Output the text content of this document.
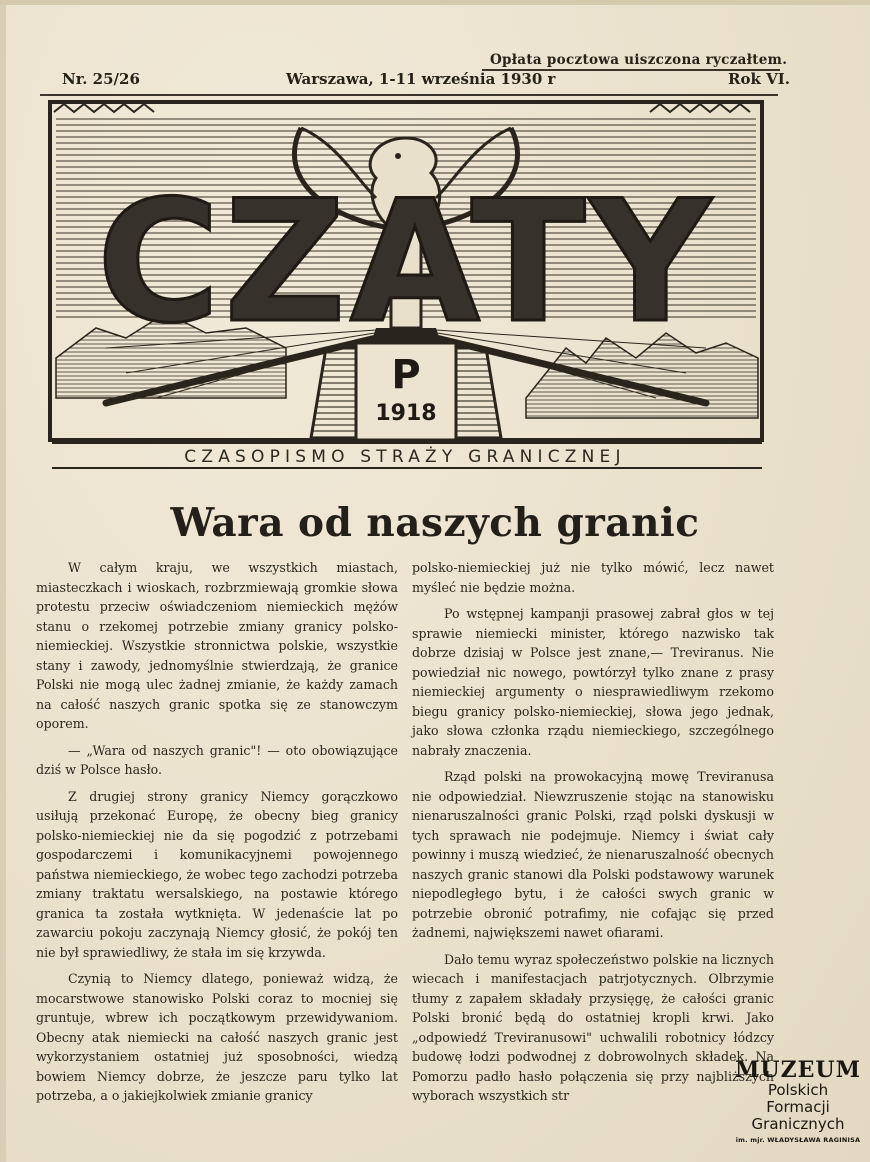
Opłata pocztowa uiszczona ryczałtem.
Nr. 25/26	Warszawa, 1-11 września 1930 r	Rok VI.
CZATY
P
1918
CZASOPISMO STRAŻY GRANICZNEJ
Wara od naszych granic

W całym kraju, we wszystkich miastach, miasteczkach i wioskach, rozbrzmiewają gromkie słowa protestu przeciw oświadczeniom niemieckich mężów stanu o rzekomej potrzebie zmiany granicy polsko-niemieckiej. Wszystkie stronnictwa polskie, wszystkie stany i zawody, jednomyślnie stwierdzają, że granice Polski nie mogą ulec żadnej zmianie, że każdy zamach na całość naszych granic spotka się ze stanowczym oporem.

— „Wara od naszych granic"! — oto obowiązujące dziś w Polsce hasło.

Z drugiej strony granicy Niemcy gorączkowo usiłują przekonać Europę, że obecny bieg granicy polsko-niemieckiej nie da się pogodzić z potrzebami gospodarczemi i komunikacyjnemi powojennego państwa niemieckiego, że wobec tego zachodzi potrzeba zmiany traktatu wersalskiego, na postawie którego granica ta została wytknięta. W jedenaście lat po zawarciu pokoju zaczynają Niemcy głosić, że pokój ten nie był sprawiedliwy, że stała im się krzywda.

Czynią to Niemcy dlatego, ponieważ widzą, że mocarstwowe stanowisko Polski coraz to mocniej się gruntuje, wbrew ich początkowym przewidywaniom. Obecny atak niemiecki na całość naszych granic jest wykorzystaniem ostatniej już sposobności, wiedzą bowiem Niemcy dobrze, że jeszcze paru tylko lat potrzeba, a o jakiejkolwiek zmianie granicy

polsko-niemieckiej już nie tylko mówić, lecz nawet myśleć nie będzie można.

Po wstępnej kampanji prasowej zabrał głos w tej sprawie niemiecki minister, którego nazwisko tak dobrze dzisiaj w Polsce jest znane,— Treviranus. Nie powiedział nic nowego, powtórzył tylko znane z prasy niemieckiej argumenty o niesprawiedliwym rzekomo biegu granicy polsko-niemieckiej, słowa jego jednak, jako słowa członka rządu niemieckiego, szczególnego nabrały znaczenia.

Rząd polski na prowokacyjną mowę Treviranusa nie odpowiedział. Niewzruszenie stojąc na stanowisku nienaruszalności granic Polski, rząd polski dyskusji w tych sprawach nie podejmuje. Niemcy i świat cały powinny i muszą wiedzieć, że nienaruszalność obecnych naszych granic stanowi dla Polski podstawowy warunek niepodległego bytu, i że całości swych granic w potrzebie obronić potrafimy, nie cofając się przed żadnemi, największemi nawet ofiarami.

Dało temu wyraz społeczeństwo polskie na licznych wiecach i manifestacjach patrjotycznych. Olbrzymie tłumy z zapałem składały przysięgę, że całości granic Polski bronić będą do ostatniej kropli krwi. Jako „odpowiedź Treviranusowi" uchwalili robotnicy łódzcy budowę łodzi podwodnej z dobrowolnych składek. Na Pomorzu padło hasło połączenia się przy najbliższych wyborach wszystkich str

MUZEUM
Polskich
Formacji
Granicznych
im. mjr. WŁADYSŁAWA RAGINISA
